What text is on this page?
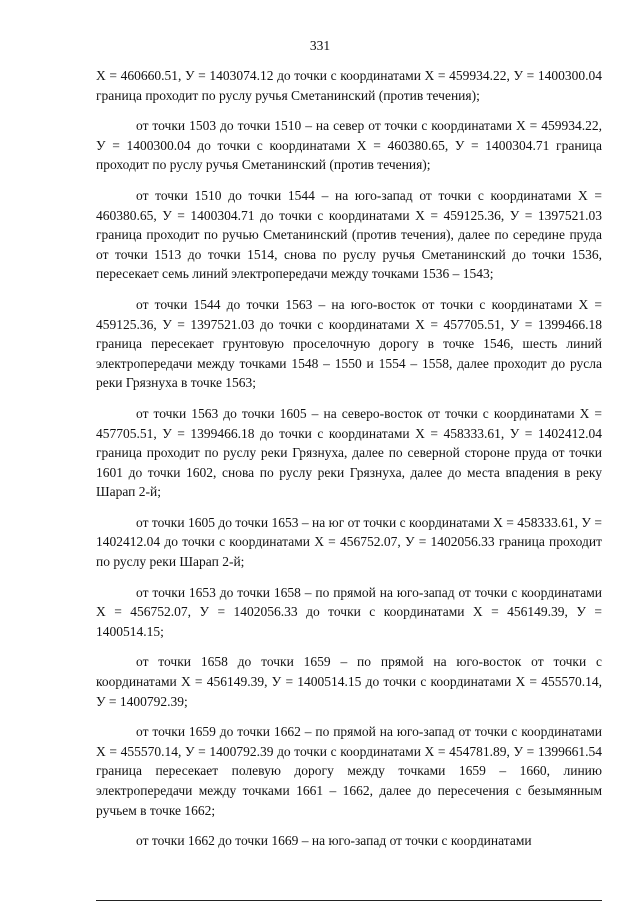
331

Х = 460660.51, У = 1403074.12 до точки с координатами Х = 459934.22, У = 1400300.04 граница проходит по руслу ручья Сметанинский (против течения);

от точки 1503 до точки 1510 – на север от точки с координатами Х = 459934.22, У = 1400300.04 до точки с координатами Х = 460380.65, У = 1400304.71 граница проходит по руслу ручья Сметанинский (против течения);

от точки 1510 до точки 1544 – на юго-запад от точки с координатами Х = 460380.65, У = 1400304.71 до точки с координатами Х = 459125.36, У = 1397521.03 граница проходит по ручью Сметанинский (против течения), далее по середине пруда от точки 1513 до точки 1514, снова по руслу ручья Сметанинский до точки 1536, пересекает семь линий электропередачи между точками 1536 – 1543;

от точки 1544 до точки 1563 – на юго-восток от точки с координатами Х = 459125.36, У = 1397521.03 до точки с координатами Х = 457705.51, У = 1399466.18 граница пересекает грунтовую проселочную дорогу в точке 1546, шесть линий электропередачи между точками 1548 – 1550 и 1554 – 1558, далее проходит до русла реки Грязнуха в точке 1563;

от точки 1563 до точки 1605 – на северо-восток от точки с координатами Х = 457705.51, У = 1399466.18 до точки с координатами Х = 458333.61, У = 1402412.04 граница проходит по руслу реки Грязнуха, далее по северной стороне пруда от точки 1601 до точки 1602, снова по руслу реки Грязнуха, далее до места впадения в реку Шарап 2-й;

от точки 1605 до точки 1653 – на юг от точки с координатами Х = 458333.61, У = 1402412.04 до точки с координатами Х = 456752.07, У = 1402056.33 граница проходит по руслу реки Шарап 2-й;

от точки 1653 до точки 1658 – по прямой на юго-запад от точки с координатами Х = 456752.07, У = 1402056.33 до точки с координатами Х = 456149.39, У = 1400514.15;

от точки 1658 до точки 1659 – по прямой на юго-восток от точки с координатами Х = 456149.39, У = 1400514.15 до точки с координатами Х = 455570.14, У = 1400792.39;

от точки 1659 до точки 1662 – по прямой на юго-запад от точки с координатами Х = 455570.14, У = 1400792.39 до точки с координатами Х = 454781.89, У = 1399661.54 граница пересекает полевую дорогу между точками 1659 – 1660, линию электропередачи между точками 1661 – 1662, далее до пересечения с безымянным ручьем в точке 1662;

от точки 1662 до точки 1669 – на юго-запад от точки с координатами
